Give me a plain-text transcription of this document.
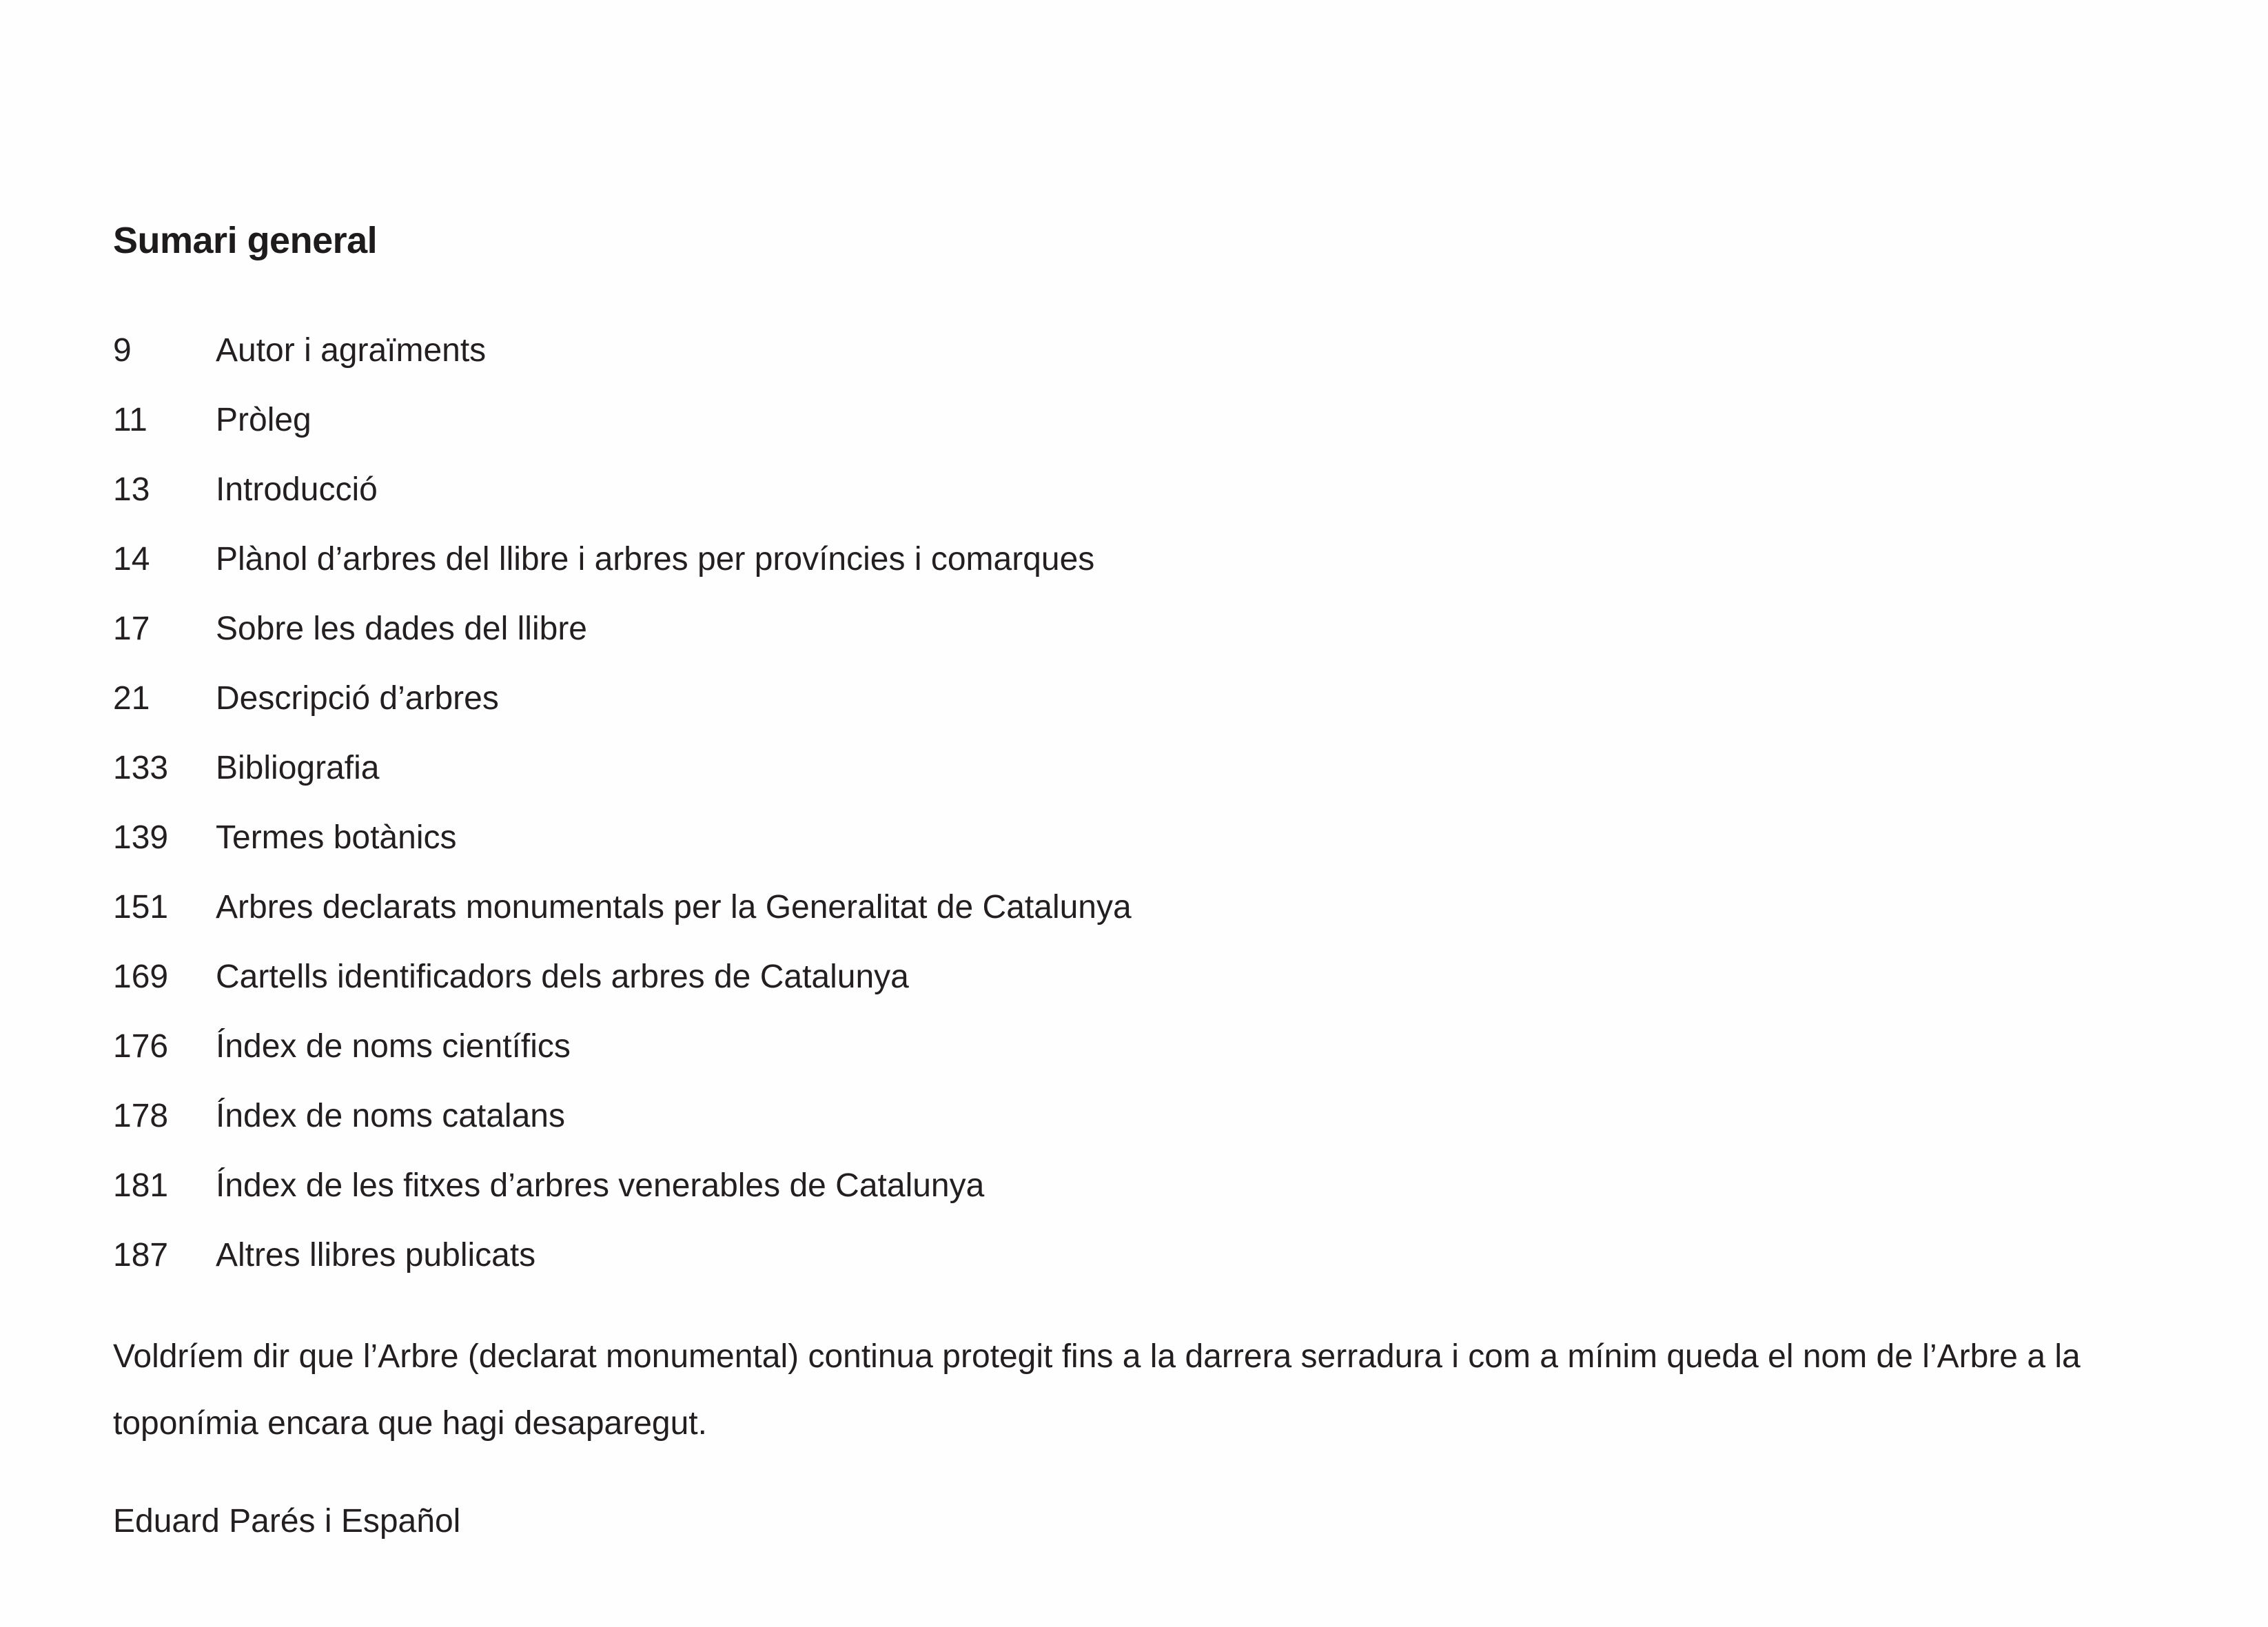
Sumari general
9	Autor i agraïments
11	Pròleg
13	Introducció
14	Plànol d’arbres del llibre i arbres per províncies i comarques
17	Sobre les dades del llibre
21	Descripció d’arbres
133	Bibliografia
139	Termes botànics
151	Arbres declarats monumentals per la Generalitat de Catalunya
169	Cartells identificadors dels arbres de Catalunya
176	Índex de noms científics
178	Índex de noms catalans
181	Índex de les fitxes d’arbres venerables de Catalunya
187	Altres llibres publicats

Voldríem dir que l’Arbre (declarat monumental) continua protegit fins a la darrera serradura i com a mínim queda el nom de l’Arbre a la toponímia encara que hagi desaparegut.

Eduard Parés i Español
